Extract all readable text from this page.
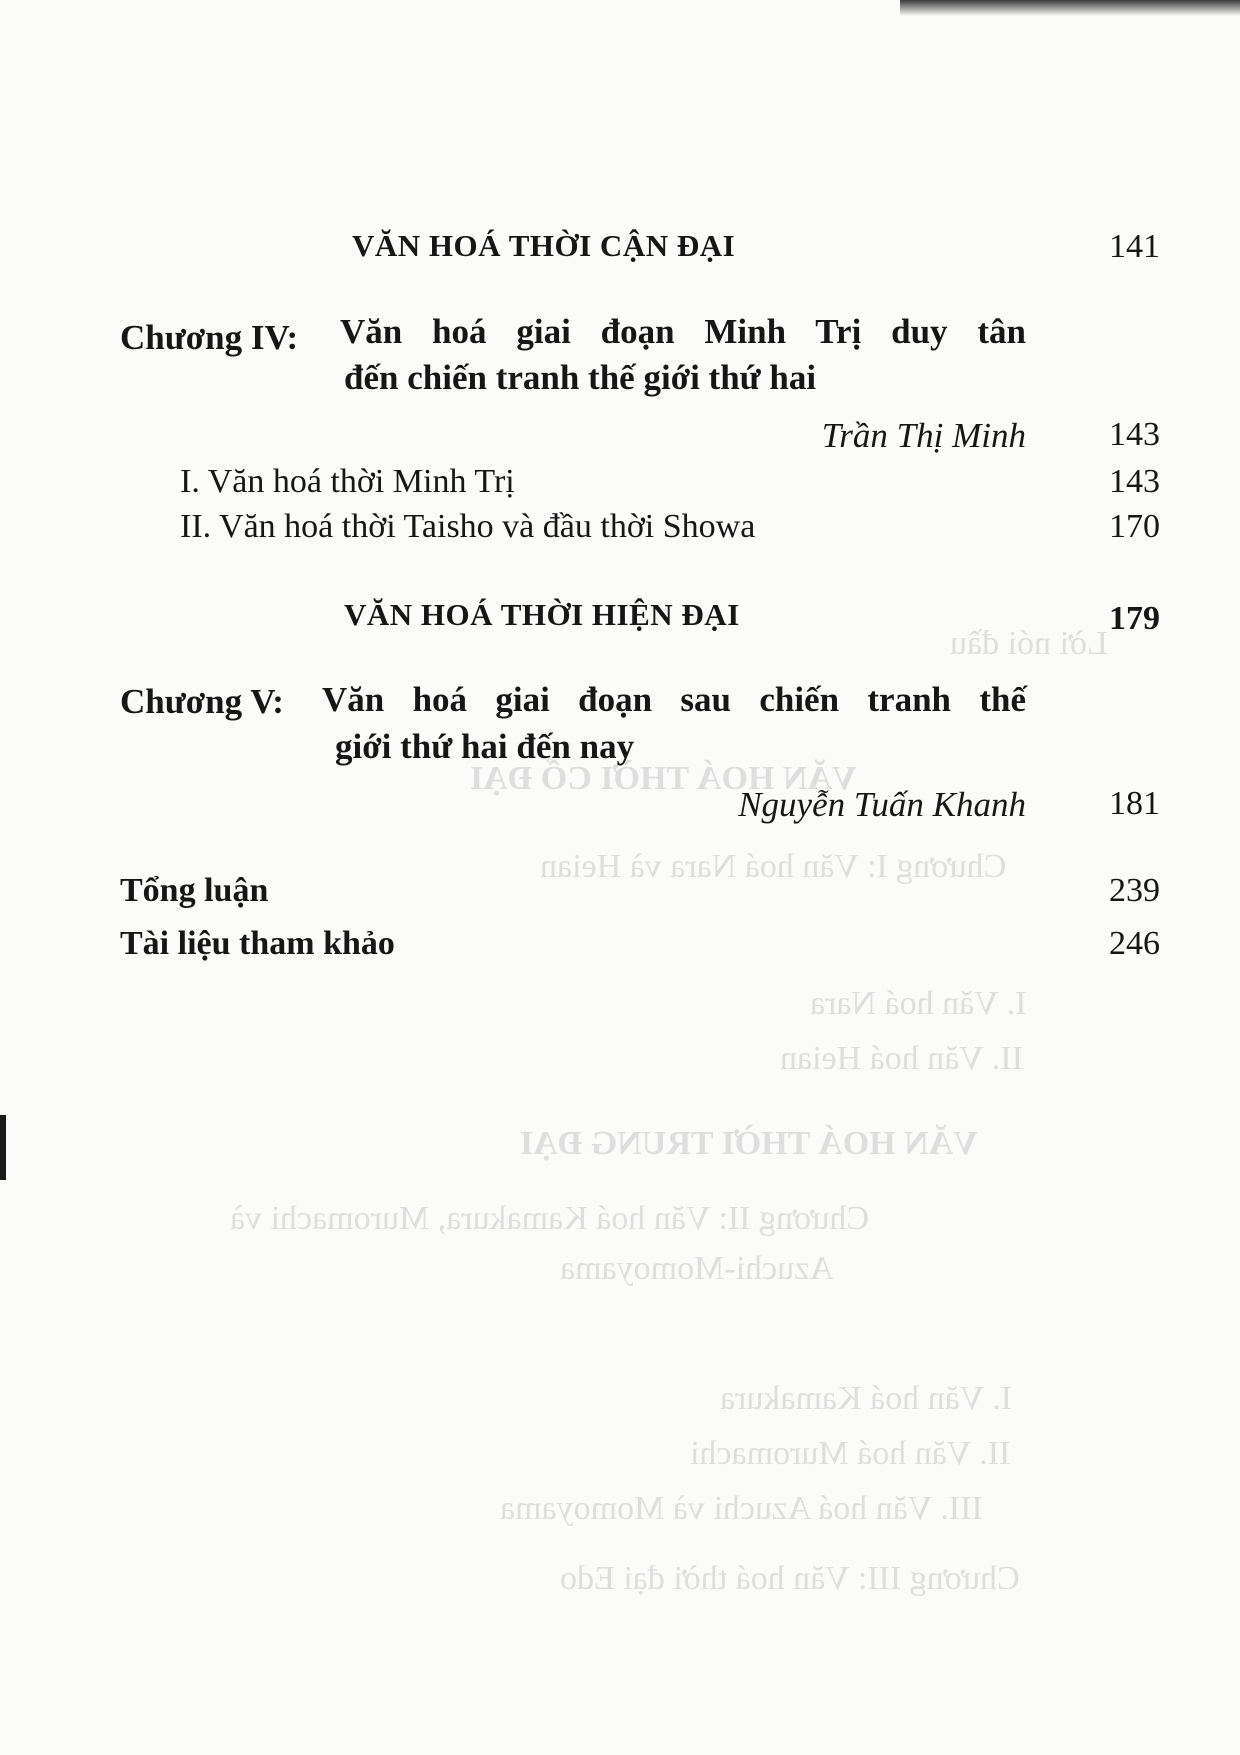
Lời nói đầu
VĂN HOÁ THỜI CỔ ĐẠI
Chương I: Văn hoá Nara và Heian
I. Văn hoá Nara
II. Văn hoá Heian
VĂN HOÁ THỜI TRUNG ĐẠI
Chương II: Văn hoá Kamakura, Muromachi và
Azuchi-Momoyama
I. Văn hoá Kamakura
II. Văn hoá Muromachi
III. Văn hoá Azuchi và Momoyama
Chương III: Văn hoá thời đại Edo
VĂN HOÁ THỜI CẬN ĐẠI	141
Chương IV: Văn hoá giai đoạn Minh Trị duy tân
đến chiến tranh thế giới thứ hai
Trần Thị Minh 143
I. Văn hoá thời Minh Trị	143
II. Văn hoá thời Taisho và đầu thời Showa	170
VĂN HOÁ THỜI HIỆN ĐẠI	179
Chương V: Văn hoá giai đoạn sau chiến tranh thế
giới thứ hai đến nay
Nguyễn Tuấn Khanh 181
Tổng luận	239
Tài liệu tham khảo	246
